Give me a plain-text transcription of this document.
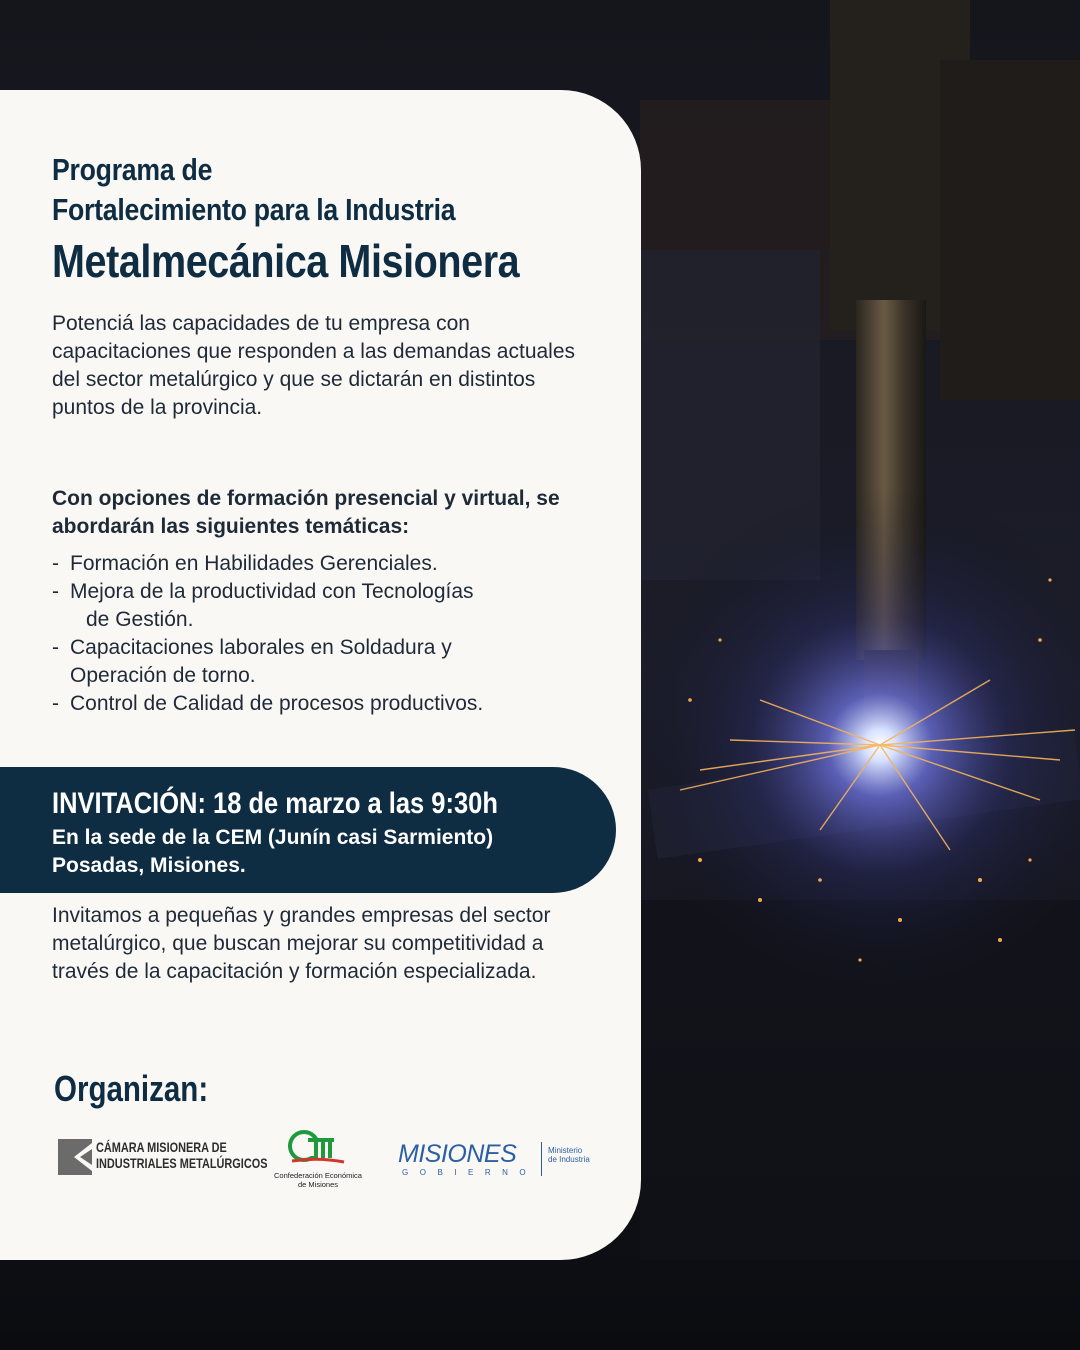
Programa de
Fortalecimiento para la Industria
Metalmecánica Misionera
Potenciá las capacidades de tu empresa con capacitaciones que responden a las demandas actuales del sector metalúrgico y que se dictarán en distintos puntos de la provincia.
Con opciones de formación presencial y virtual, se abordarán las siguientes temáticas:
- Formación en Habilidades Gerenciales.
- Mejora de la productividad con Tecnologías
de Gestión.
- Capacitaciones laborales en Soldadura y
Operación de torno.
- Control de Calidad de procesos productivos.
Invitamos a pequeñas y grandes empresas del sector metalúrgico, que buscan mejorar su competitividad a través de la capacitación y formación especializada.
Organizan:
CÁMARA MISIONERA DE
INDUSTRIALES METALÚRGICOS
Confederación Económica
de Misiones
MISIONES
GOBIERNO
Ministerio
de Industria
INVITACIÓN: 18 de marzo a las 9:30h
En la sede de la CEM (Junín casi Sarmiento)
Posadas, Misiones.
